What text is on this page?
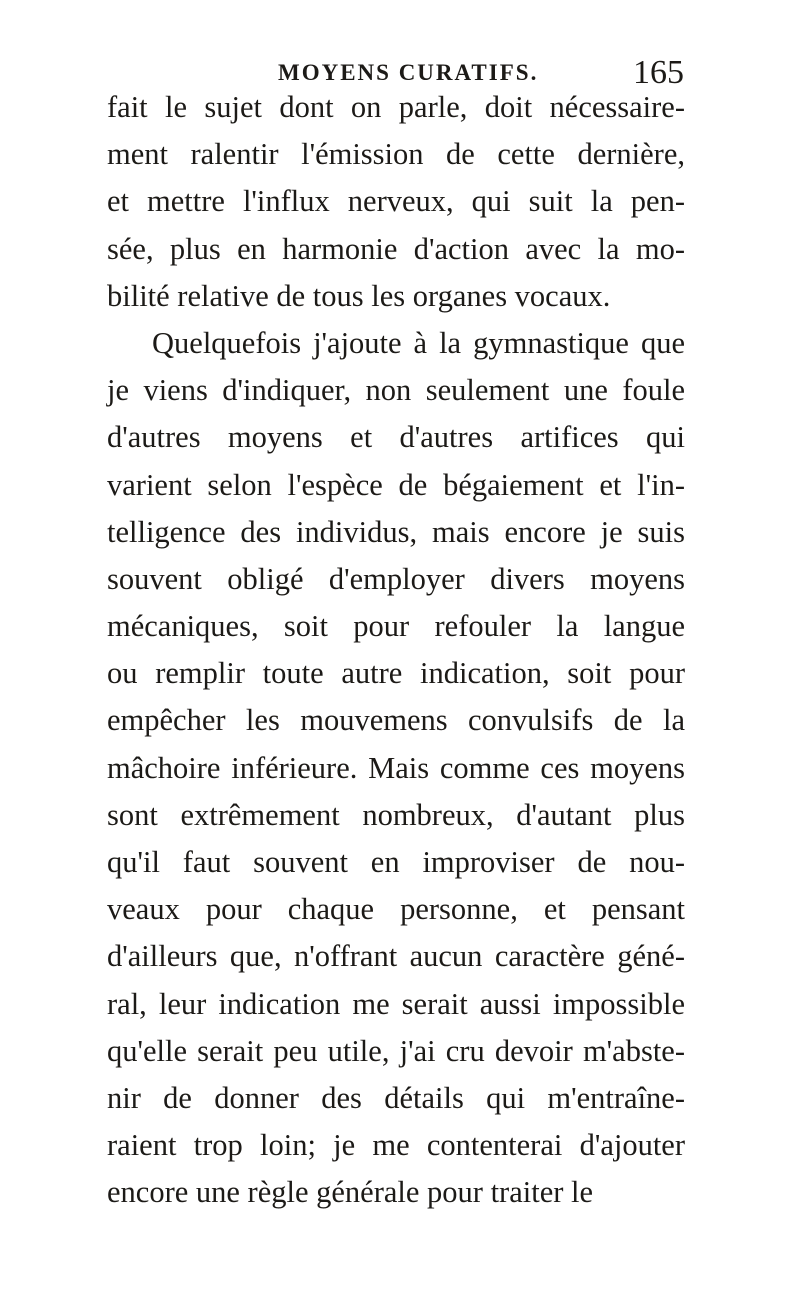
MOYENS CURATIFS.	165
fait le sujet dont on parle, doit nécessaire-
ment ralentir l'émission de cette dernière,
et mettre l'influx nerveux, qui suit la pen-
sée, plus en harmonie d'action avec la mo-
bilité relative de tous les organes vocaux.
Quelquefois j'ajoute à la gymnastique que
je viens d'indiquer, non seulement une foule
d'autres moyens et d'autres artifices qui
varient selon l'espèce de bégaiement et l'in-
telligence des individus, mais encore je suis
souvent obligé d'employer divers moyens
mécaniques, soit pour refouler la langue
ou remplir toute autre indication, soit pour
empêcher les mouvemens convulsifs de la
mâchoire inférieure. Mais comme ces moyens
sont extrêmement nombreux, d'autant plus
qu'il faut souvent en improviser de nou-
veaux pour chaque personne, et pensant
d'ailleurs que, n'offrant aucun caractère géné-
ral, leur indication me serait aussi impossible
qu'elle serait peu utile, j'ai cru devoir m'abste-
nir de donner des détails qui m'entraîne-
raient trop loin; je me contenterai d'ajouter
encore une règle générale pour traiter le
